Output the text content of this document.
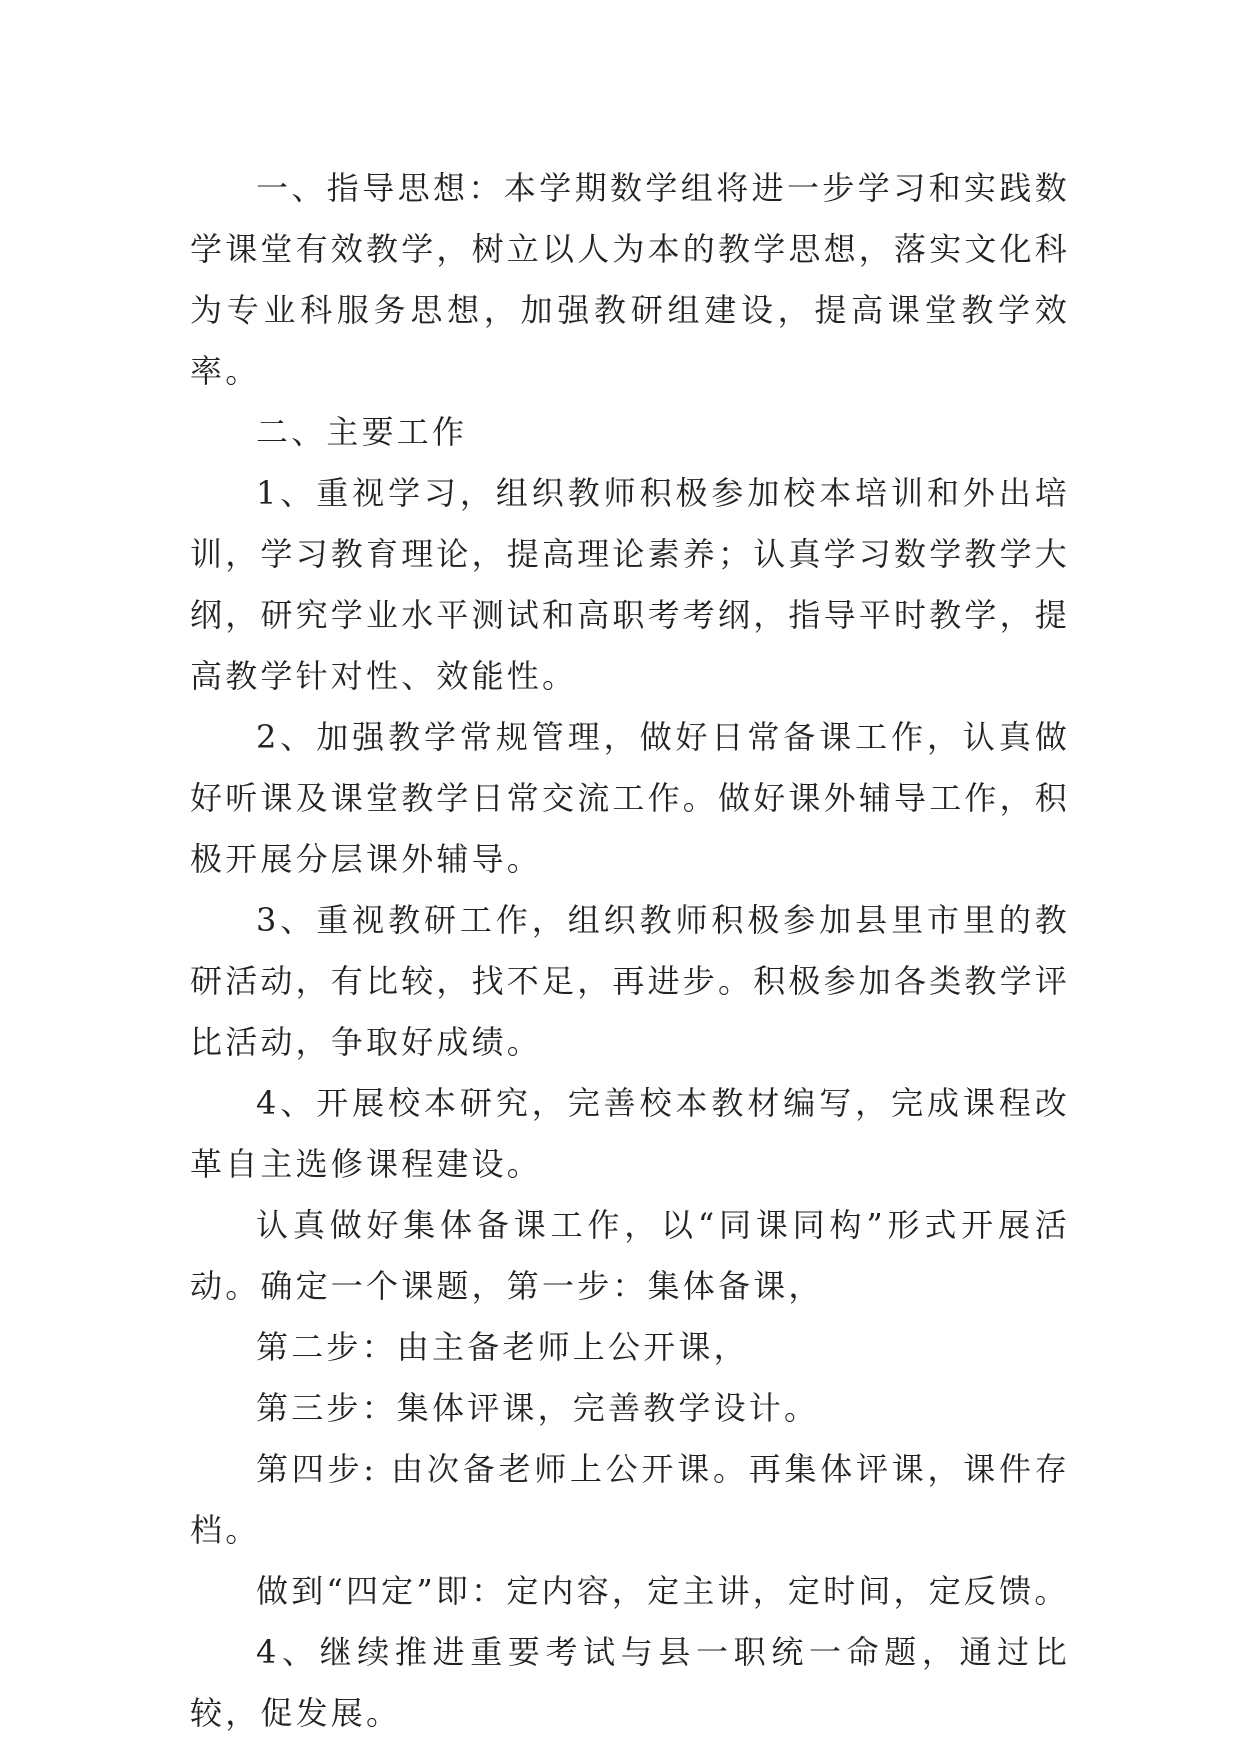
一、指导思想：本学期数学组将进一步学习和实践数学课堂有效教学，树立以人为本的教学思想，落实文化科为专业科服务思想，加强教研组建设，提高课堂教学效率。

二、主要工作

1、重视学习，组织教师积极参加校本培训和外出培训，学习教育理论，提高理论素养；认真学习数学教学大纲，研究学业水平测试和高职考考纲，指导平时教学，提高教学针对性、效能性。

2、加强教学常规管理，做好日常备课工作，认真做好听课及课堂教学日常交流工作。做好课外辅导工作，积极开展分层课外辅导。

3、重视教研工作，组织教师积极参加县里市里的教研活动，有比较，找不足，再进步。积极参加各类教学评比活动，争取好成绩。

4、开展校本研究，完善校本教材编写，完成课程改革自主选修课程建设。

认真做好集体备课工作，以“同课同构”形式开展活动。确定一个课题，第一步：集体备课，

第二步：由主备老师上公开课，

第三步：集体评课，完善教学设计。

第四步: 由次备老师上公开课。再集体评课，课件存档。

做到“四定”即：定内容，定主讲，定时间，定反馈。

4、继续推进重要考试与县一职统一命题，通过比较，促发展。
